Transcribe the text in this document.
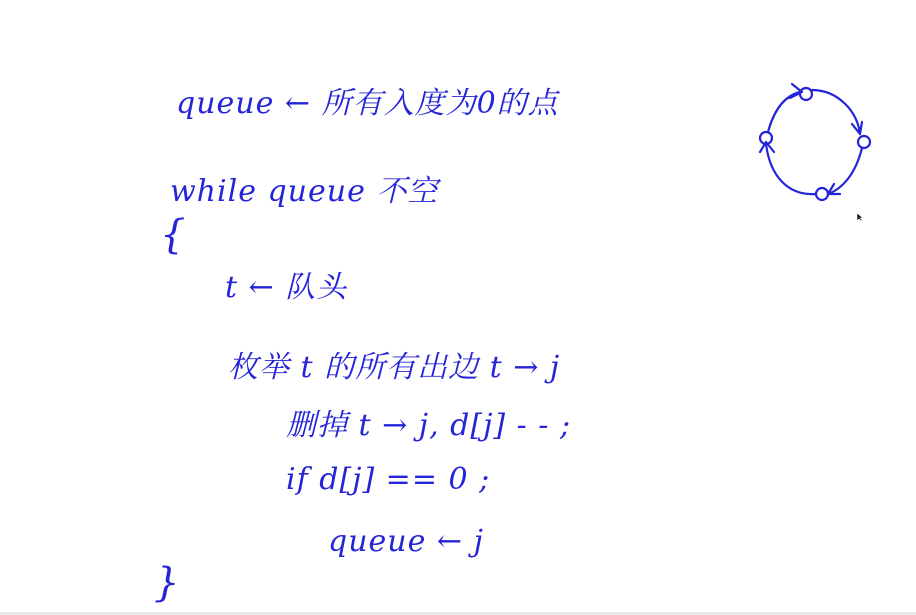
queue ← 所有入度为0的点
while queue 不空
{
t ← 队头
枚举 t 的所有出边 t → j
删掉 t → j, d[j] - - ;
if d[j] == 0 ;
queue ← j
}
